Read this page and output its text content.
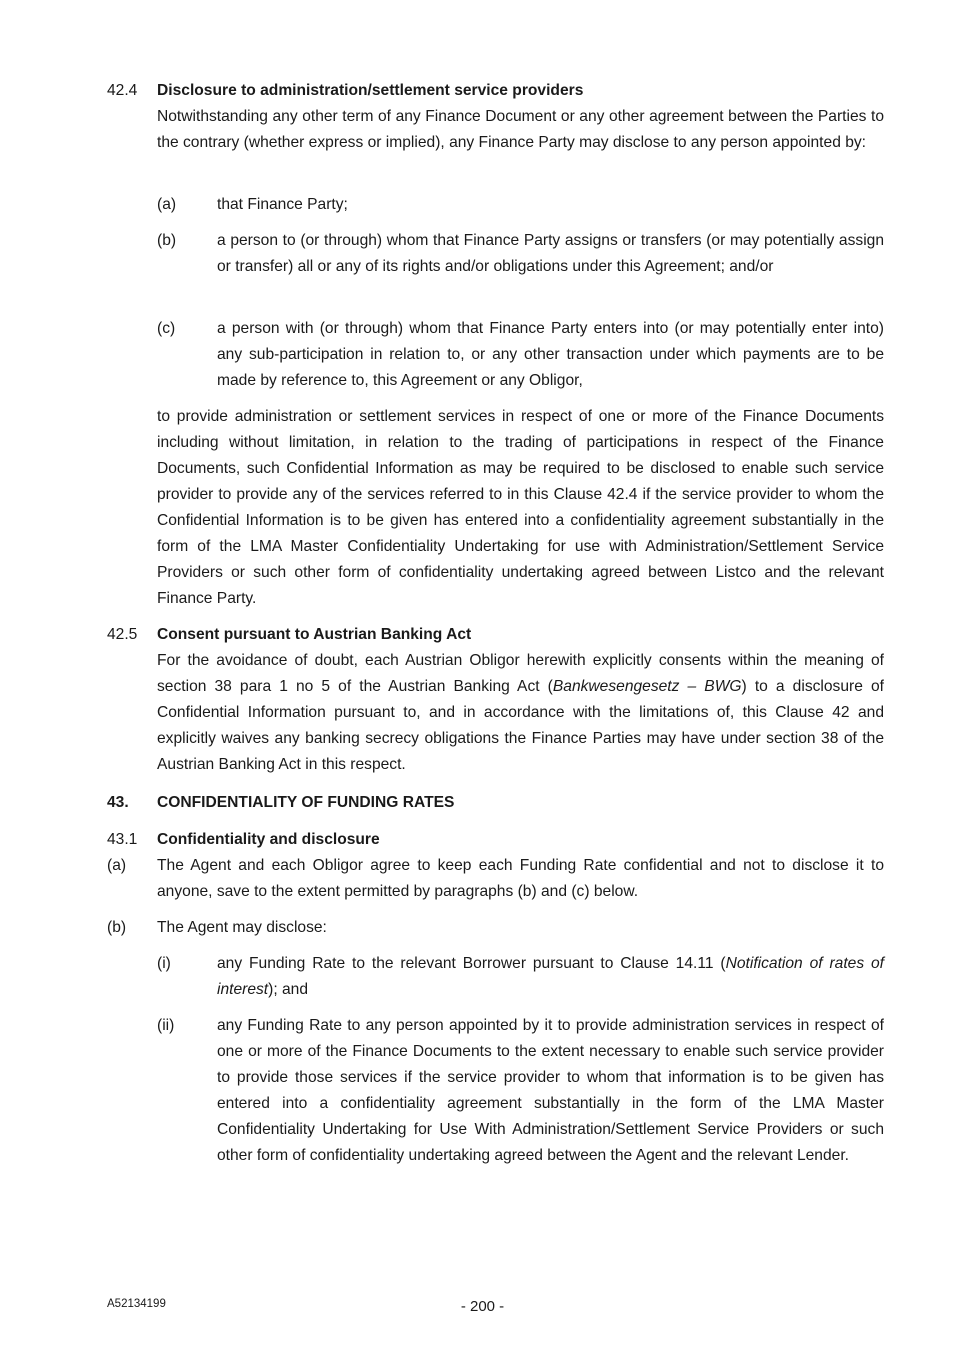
42.4 Disclosure to administration/settlement service providers

Notwithstanding any other term of any Finance Document or any other agreement between the Parties to the contrary (whether express or implied), any Finance Party may disclose to any person appointed by:

(a)	that Finance Party;

(b)	a person to (or through) whom that Finance Party assigns or transfers (or may potentially assign or transfer) all or any of its rights and/or obligations under this Agreement; and/or

(c)	a person with (or through) whom that Finance Party enters into (or may potentially enter into) any sub-participation in relation to, or any other transaction under which payments are to be made by reference to, this Agreement or any Obligor,

to provide administration or settlement services in respect of one or more of the Finance Documents including without limitation, in relation to the trading of participations in respect of the Finance Documents, such Confidential Information as may be required to be disclosed to enable such service provider to provide any of the services referred to in this Clause 42.4 if the service provider to whom the Confidential Information is to be given has entered into a confidentiality agreement substantially in the form of the LMA Master Confidentiality Undertaking for use with Administration/Settlement Service Providers or such other form of confidentiality undertaking agreed between Listco and the relevant Finance Party.

42.5 Consent pursuant to Austrian Banking Act

For the avoidance of doubt, each Austrian Obligor herewith explicitly consents within the meaning of section 38 para 1 no 5 of the Austrian Banking Act (Bankwesengesetz – BWG) to a disclosure of Confidential Information pursuant to, and in accordance with the limitations of, this Clause 42 and explicitly waives any banking secrecy obligations the Finance Parties may have under section 38 of the Austrian Banking Act in this respect.

43. CONFIDENTIALITY OF FUNDING RATES
43.1 Confidentiality and disclosure
(a) The Agent and each Obligor agree to keep each Funding Rate confidential and not to disclose it to anyone, save to the extent permitted by paragraphs (b) and (c) below.

(b) The Agent may disclose:

(i)	any Funding Rate to the relevant Borrower pursuant to Clause 14.11 (Notification of rates of interest); and

(ii)	any Funding Rate to any person appointed by it to provide administration services in respect of one or more of the Finance Documents to the extent necessary to enable such service provider to provide those services if the service provider to whom that information is to be given has entered into a confidentiality agreement substantially in the form of the LMA Master Confidentiality Undertaking for Use With Administration/Settlement Service Providers or such other form of confidentiality undertaking agreed between the Agent and the relevant Lender.

A52134199	- 200 -
